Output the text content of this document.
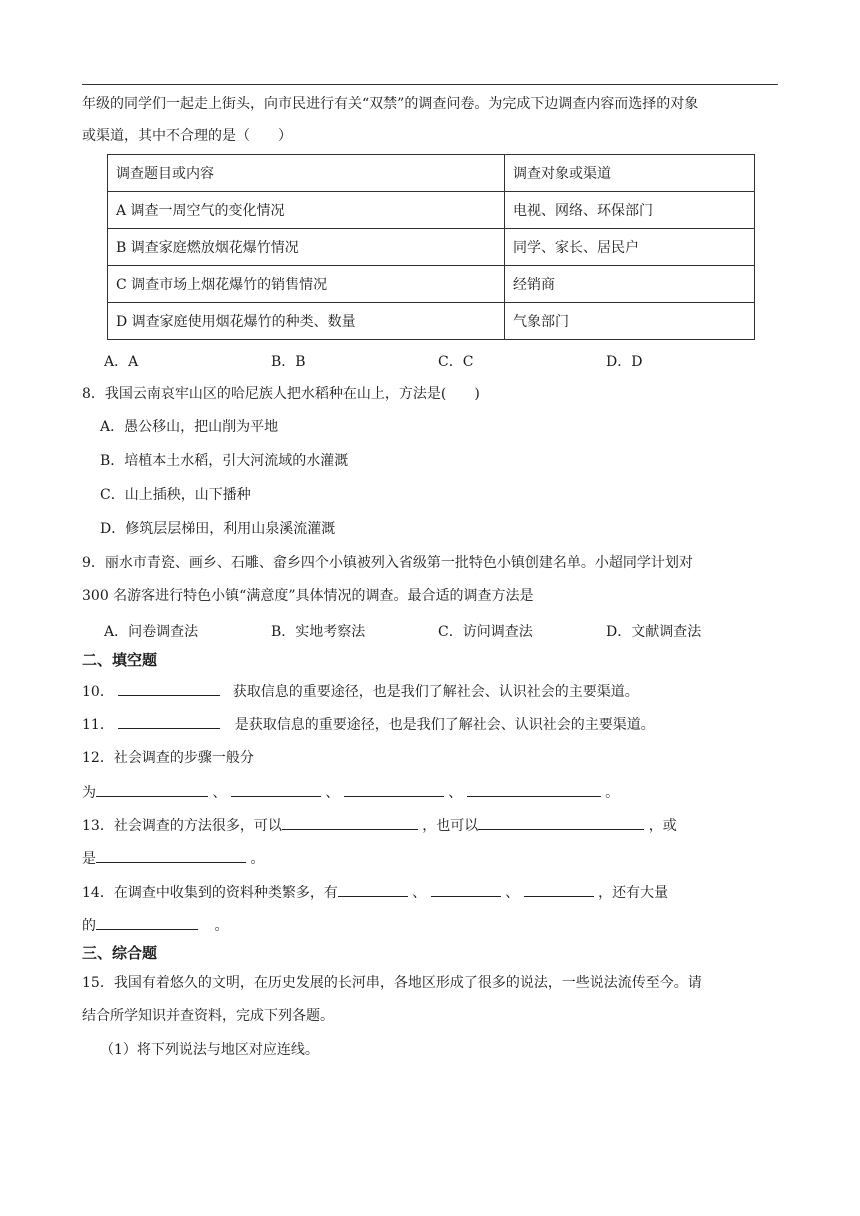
年级的同学们一起走上街头，向市民进行有关“双禁”的调查问卷。为完成下边调查内容而选择的对象
或渠道，其中不合理的是（　　）
调查题目或内容	调查对象或渠道
A 调查一周空气的变化情况	电视、网络、环保部门
B 调查家庭燃放烟花爆竹情况	同学、家长、居民户
C 调查市场上烟花爆竹的销售情况	经销商
D 调查家庭使用烟花爆竹的种类、数量	气象部门
A．A	B．B	C．C	D．D
8．我国云南哀牢山区的哈尼族人把水稻种在山上，方法是(　　)
A．愚公移山，把山削为平地
B．培植本土水稻，引大河流域的水灌溉
C．山上插秧，山下播种
D．修筑层层梯田，利用山泉溪流灌溉
9．丽水市青瓷、画乡、石雕、畲乡四个小镇被列入省级第一批特色小镇创建名单。小超同学计划对
300 名游客进行特色小镇“满意度”具体情况的调查。最合适的调查方法是
A．问卷调查法	B．实地考察法	C．访问调查法	D．文献调查法
二、填空题
10．	获取信息的重要途径，也是我们了解社会、认识社会的主要渠道。
11．	是获取信息的重要途径，也是我们了解社会、认识社会的主要渠道。
12．社会调查的步骤一般分
为	、	、	、	。
13．社会调查的方法很多，可以	，也可以	，或
是	。
14．在调查中收集到的资料种类繁多，有	、	、	，还有大量
的	。
三、综合题
15．我国有着悠久的文明，在历史发展的长河串，各地区形成了很多的说法，一些说法流传至今。请
结合所学知识并查资料，完成下列各题。
（1）将下列说法与地区对应连线。
